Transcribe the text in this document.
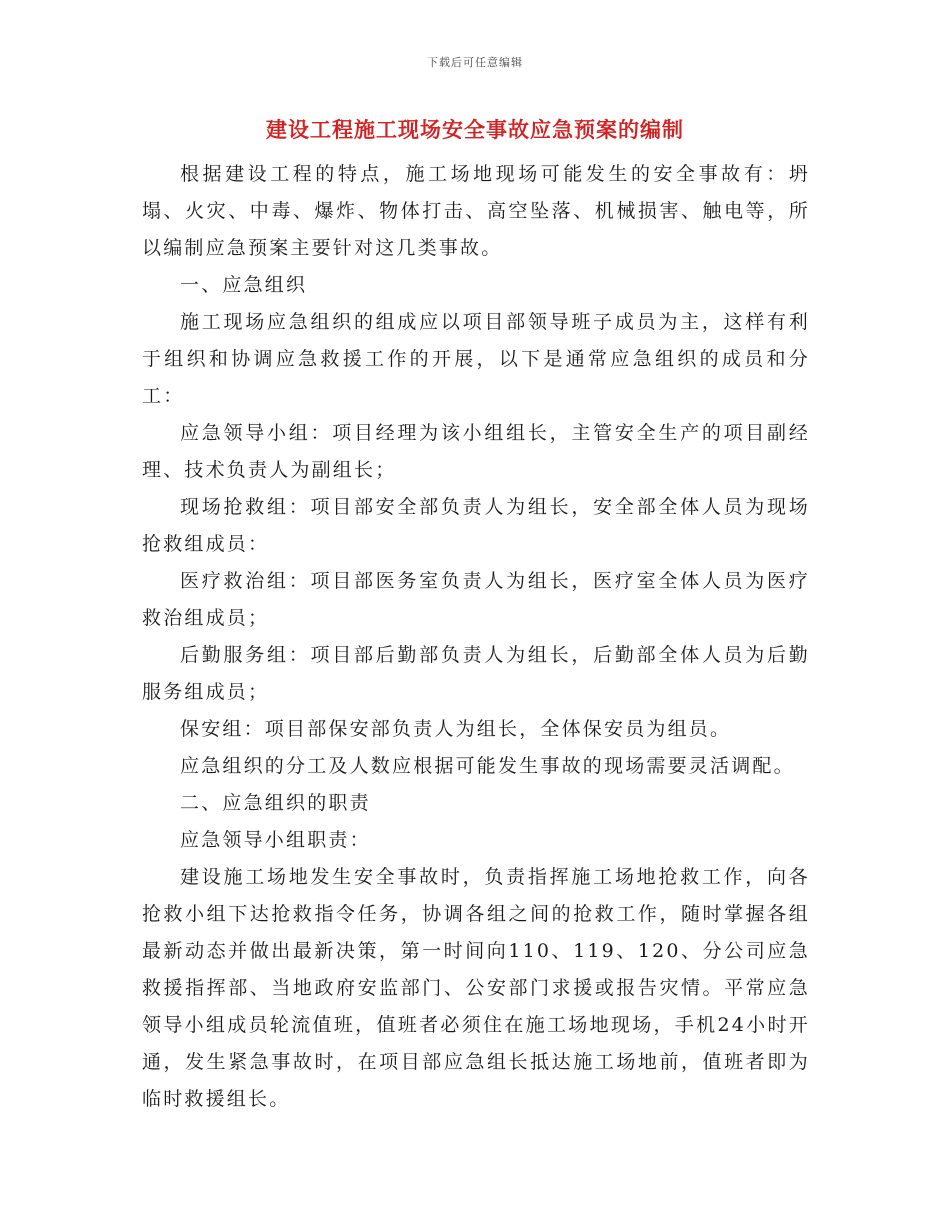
下载后可任意编辑
建设工程施工现场安全事故应急预案的编制

根据建设工程的特点，施工场地现场可能发生的安全事故有：坍塌、火灾、中毒、爆炸、物体打击、高空坠落、机械损害、触电等，所以编制应急预案主要针对这几类事故。

一、应急组织

施工现场应急组织的组成应以项目部领导班子成员为主，这样有利于组织和协调应急救援工作的开展，以下是通常应急组织的成员和分工：

应急领导小组：项目经理为该小组组长，主管安全生产的项目副经理、技术负责人为副组长；

现场抢救组：项目部安全部负责人为组长，安全部全体人员为现场抢救组成员：

医疗救治组：项目部医务室负责人为组长，医疗室全体人员为医疗救治组成员；

后勤服务组：项目部后勤部负责人为组长，后勤部全体人员为后勤服务组成员；

保安组：项目部保安部负责人为组长，全体保安员为组员。

应急组织的分工及人数应根据可能发生事故的现场需要灵活调配。

二、应急组织的职责

应急领导小组职责：

建设施工场地发生安全事故时，负责指挥施工场地抢救工作，向各抢救小组下达抢救指令任务，协调各组之间的抢救工作，随时掌握各组最新动态并做出最新决策，第一时间向110、119、120、分公司应急救援指挥部、当地政府安监部门、公安部门求援或报告灾情。平常应急领导小组成员轮流值班，值班者必须住在施工场地现场，手机24小时开通，发生紧急事故时，在项目部应急组长抵达施工场地前，值班者即为临时救援组长。
